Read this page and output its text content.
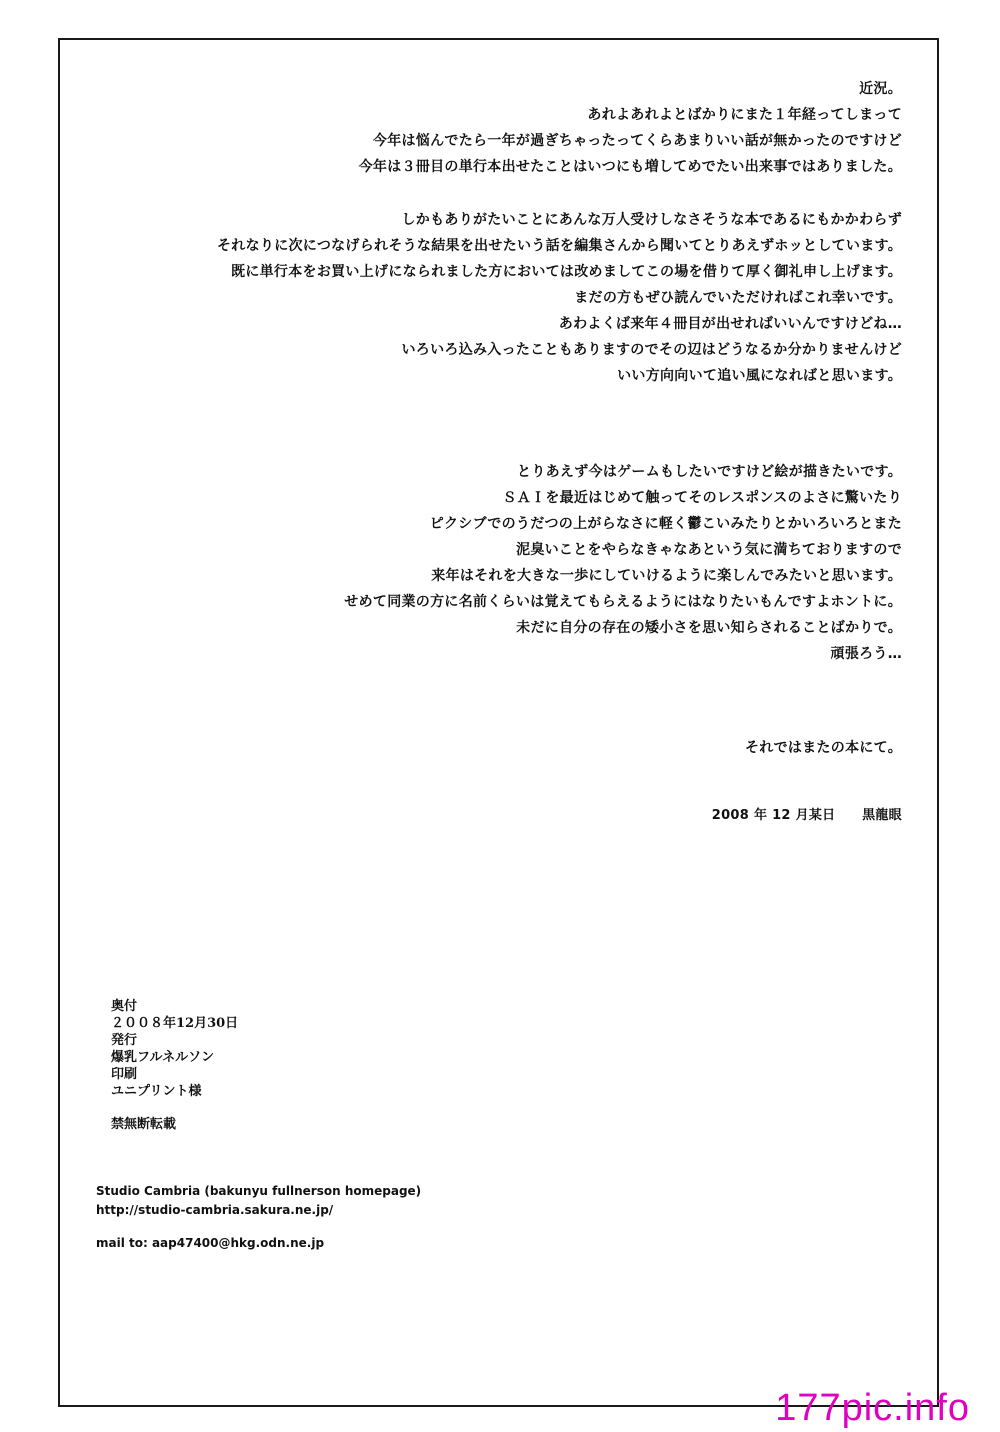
近況。
あれよあれよとばかりにまた１年経ってしまって
今年は悩んでたら一年が過ぎちゃったってくらあまりいい話が無かったのですけど
今年は３冊目の単行本出せたことはいつにも増してめでたい出来事ではありました。
しかもありがたいことにあんな万人受けしなさそうな本であるにもかかわらず
それなりに次につなげられそうな結果を出せたいう話を編集さんから聞いてとりあえずホッとしています。
既に単行本をお買い上げになられました方においては改めましてこの場を借りて厚く御礼申し上げます。
まだの方もぜひ読んでいただければこれ幸いです。
あわよくば来年４冊目が出せればいいんですけどね…
いろいろ込み入ったこともありますのでその辺はどうなるか分かりませんけど
いい方向向いて追い風になればと思います。
とりあえず今はゲームもしたいですけど絵が描きたいです。
ＳＡＩを最近はじめて触ってそのレスポンスのよさに驚いたり
ピクシブでのうだつの上がらなさに軽く鬱こいみたりとかいろいろとまた
泥臭いことをやらなきゃなあという気に満ちておりますので
来年はそれを大きな一歩にしていけるように楽しんでみたいと思います。
せめて同業の方に名前くらいは覚えてもらえるようにはなりたいもんですよホントに。
未だに自分の存在の矮小さを思い知らされることばかりで。
頑張ろう…
それではまたの本にて。
2008 年 12 月某日　　黒龍眼
奥付
２００８年12月30日
発行
爆乳フルネルソン
印刷
ユニプリント様
禁無断転載
Studio Cambria (bakunyu fullnerson homepage)
http://studio-cambria.sakura.ne.jp/
mail to: aap47400@hkg.odn.ne.jp
177pic.info
